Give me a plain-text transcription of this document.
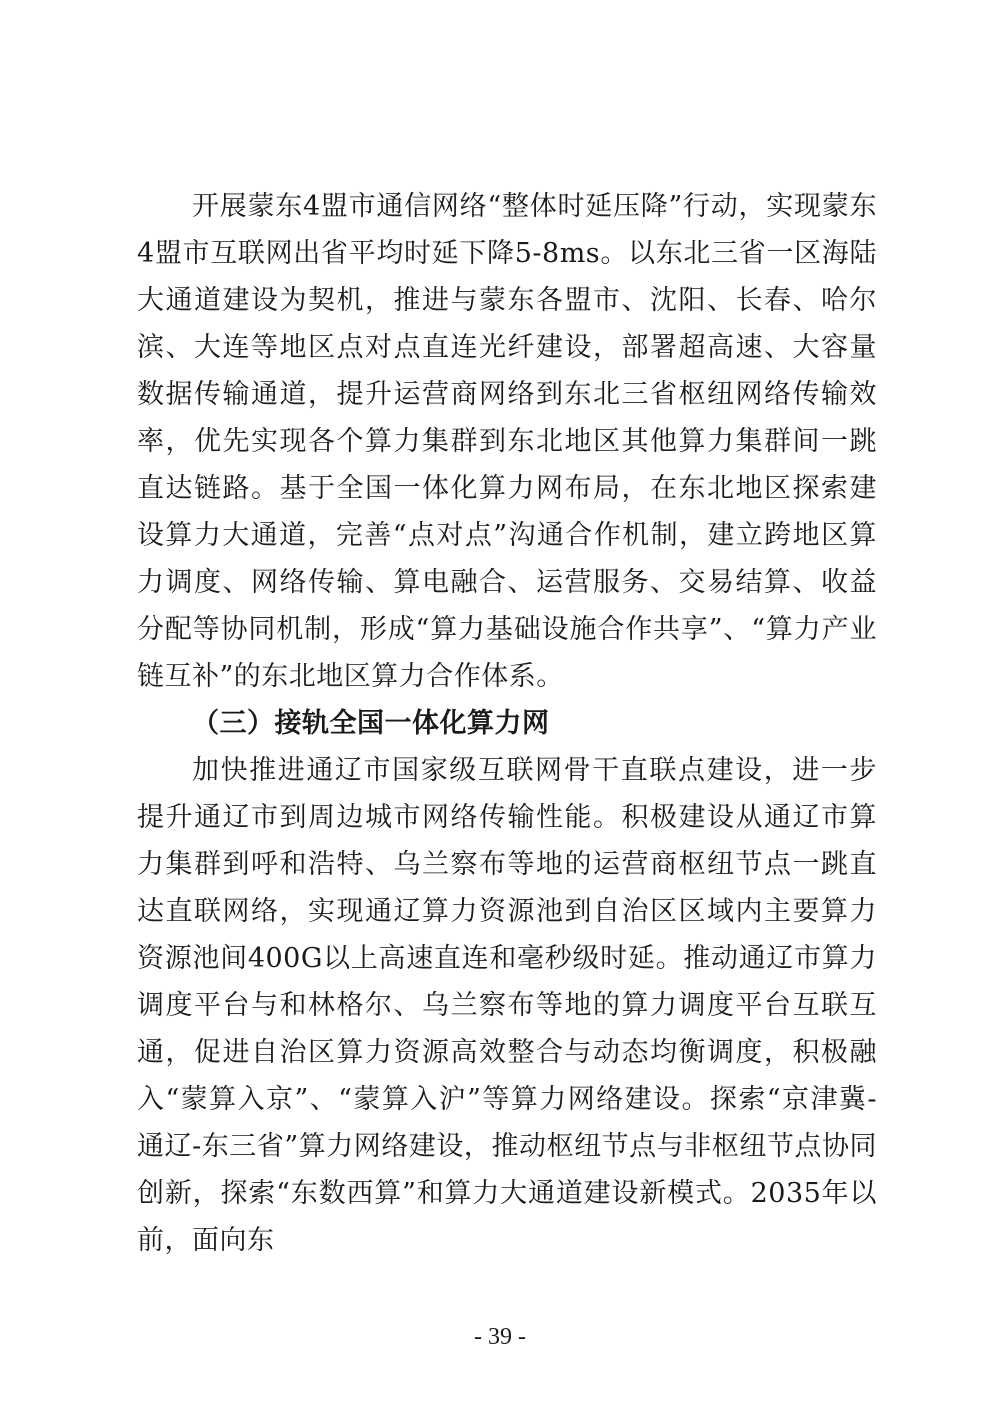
开展蒙东4盟市通信网络“整体时延压降”行动，实现蒙东4盟市互联网出省平均时延下降5-8ms。以东北三省一区海陆大通道建设为契机，推进与蒙东各盟市、沈阳、长春、哈尔滨、大连等地区点对点直连光纤建设，部署超高速、大容量数据传输通道，提升运营商网络到东北三省枢纽网络传输效率，优先实现各个算力集群到东北地区其他算力集群间一跳直达链路。基于全国一体化算力网布局，在东北地区探索建设算力大通道，完善“点对点”沟通合作机制，建立跨地区算力调度、网络传输、算电融合、运营服务、交易结算、收益分配等协同机制，形成“算力基础设施合作共享”、“算力产业链互补”的东北地区算力合作体系。

（三）接轨全国一体化算力网

加快推进通辽市国家级互联网骨干直联点建设，进一步提升通辽市到周边城市网络传输性能。积极建设从通辽市算力集群到呼和浩特、乌兰察布等地的运营商枢纽节点一跳直达直联网络，实现通辽算力资源池到自治区区域内主要算力资源池间400G以上高速直连和毫秒级时延。推动通辽市算力调度平台与和林格尔、乌兰察布等地的算力调度平台互联互通，促进自治区算力资源高效整合与动态均衡调度，积极融入“蒙算入京”、“蒙算入沪”等算力网络建设。探索“京津冀-通辽-东三省”算力网络建设，推动枢纽节点与非枢纽节点协同创新，探索“东数西算”和算力大通道建设新模式。2035年以前，面向东

- 39 -
